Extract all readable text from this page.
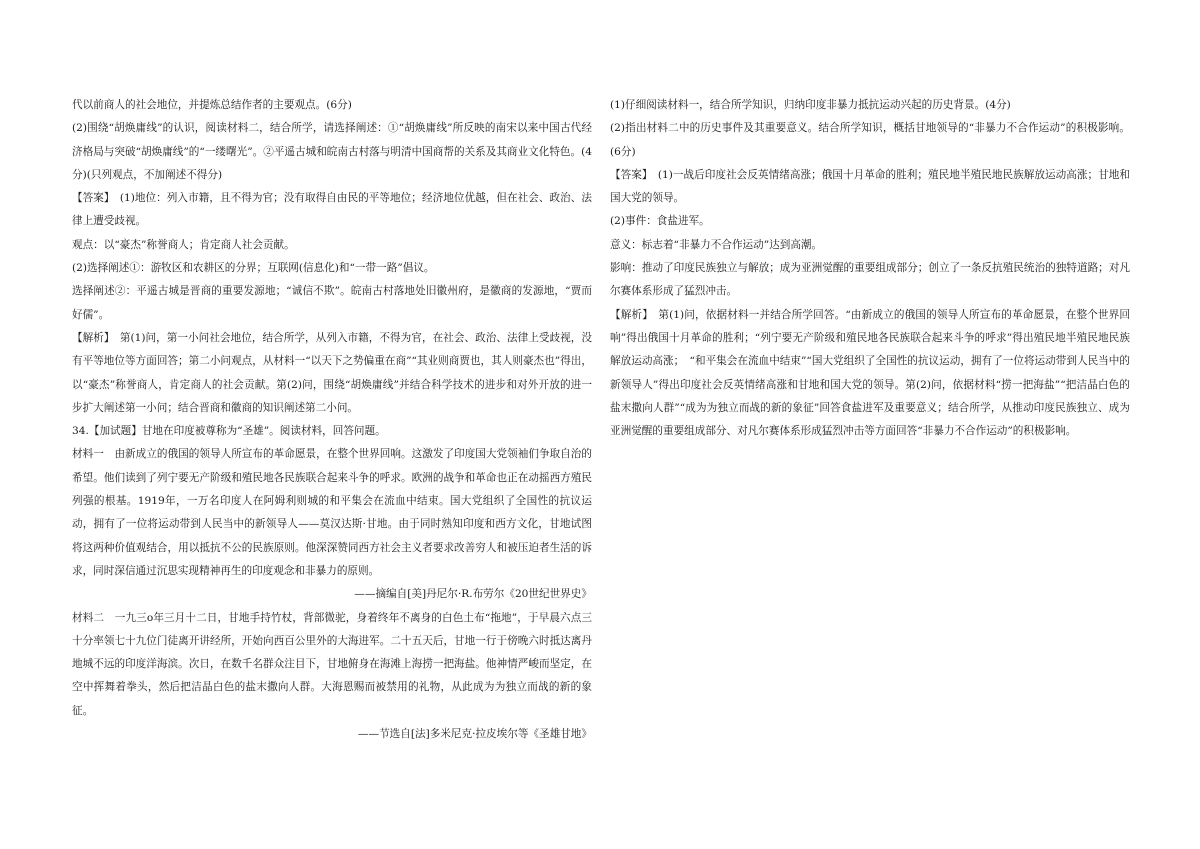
代以前商人的社会地位，并提炼总结作者的主要观点。(6分)

(2)围绕“胡焕庸线”的认识，阅读材料二，结合所学，请选择阐述：①“胡焕庸线”所反映的南宋以来中国古代经济格局与突破“胡焕庸线”的“一缕曙光”。②平遥古城和皖南古村落与明清中国商帮的关系及其商业文化特色。(4分)(只列观点，不加阐述不得分)

【答案】　(1)地位：列入市籍，且不得为官；没有取得自由民的平等地位；经济地位优越，但在社会、政治、法律上遭受歧视。

观点：以“豪杰”称誉商人；肯定商人社会贡献。

(2)选择阐述①：游牧区和农耕区的分界；互联网(信息化)和“一带一路”倡议。

选择阐述②：平遥古城是晋商的重要发源地；“诚信不欺”。皖南古村落地处旧徽州府，是徽商的发源地，“贾而好儒”。

【解析】　第(1)问，第一小问社会地位，结合所学，从列入市籍，不得为官，在社会、政治、法律上受歧视，没有平等地位等方面回答；第二小问观点，从材料一“以天下之势偏重在商”“其业则商贾也，其人则豪杰也”得出，以“豪杰”称誉商人，肯定商人的社会贡献。第(2)问，围绕“胡焕庸线”并结合科学技术的进步和对外开放的进一步扩大阐述第一小问；结合晋商和徽商的知识阐述第二小问。

34.【加试题】甘地在印度被尊称为“圣雄”。阅读材料，回答问题。

材料一　由新成立的俄国的领导人所宣布的革命愿景，在整个世界回响。这激发了印度国大党领袖们争取自治的希望。他们读到了列宁要无产阶级和殖民地各民族联合起来斗争的呼求。欧洲的战争和革命也正在动摇西方殖民列强的根基。1919年，一万名印度人在阿姆利则城的和平集会在流血中结束。国大党组织了全国性的抗议运动，拥有了一位将运动带到人民当中的新领导人——莫汉达斯·甘地。由于同时熟知印度和西方文化，甘地试图将这两种价值观结合，用以抵抗不公的民族原则。他深深赞同西方社会主义者要求改善穷人和被压迫者生活的诉求，同时深信通过沉思实现精神再生的印度观念和非暴力的原则。

——摘编自[美]丹尼尔·R.布劳尔《20世纪世界史》

材料二　一九三o年三月十二日，甘地手持竹杖，背部微驼，身着终年不离身的白色土布“拖地”，于早晨六点三十分率领七十九位门徒离开讲经所，开始向西百公里外的大海进军。二十五天后，甘地一行于傍晚六时抵达离丹地城不远的印度洋海滨。次日，在数千名群众注目下，甘地俯身在海滩上海捞一把海盐。他神情严峻而坚定，在空中挥舞着拳头，然后把洁晶白色的盐末撒向人群。大海恩赐而被禁用的礼物，从此成为为独立而战的新的象征。

——节选自[法]多米尼克·拉皮埃尔等《圣雄甘地》

(1)仔细阅读材料一，结合所学知识，归纳印度非暴力抵抗运动兴起的历史背景。(4分)

(2)指出材料二中的历史事件及其重要意义。结合所学知识，概括甘地领导的“非暴力不合作运动”的积极影响。(6分)

【答案】　(1)一战后印度社会反英情绪高涨；俄国十月革命的胜利；殖民地半殖民地民族解放运动高涨；甘地和国大党的领导。

(2)事件：食盐进军。

意义：标志着“非暴力不合作运动”达到高潮。

影响：推动了印度民族独立与解放；成为亚洲觉醒的重要组成部分；创立了一条反抗殖民统治的独特道路；对凡尔赛体系形成了猛烈冲击。

【解析】　第(1)问，依据材料一并结合所学回答。“由新成立的俄国的领导人所宣布的革命愿景，在整个世界回响”得出俄国十月革命的胜利；“列宁要无产阶级和殖民地各民族联合起来斗争的呼求”得出殖民地半殖民地民族解放运动高涨；　“和平集会在流血中结束”“国大党组织了全国性的抗议运动，拥有了一位将运动带到人民当中的新领导人”得出印度社会反英情绪高涨和甘地和国大党的领导。第(2)问，依据材料“捞一把海盐”“把洁晶白色的盐末撒向人群”“成为为独立而战的新的象征”回答食盐进军及重要意义；结合所学，从推动印度民族独立、成为亚洲觉醒的重要组成部分、对凡尔赛体系形成猛烈冲击等方面回答“非暴力不合作运动”的积极影响。
